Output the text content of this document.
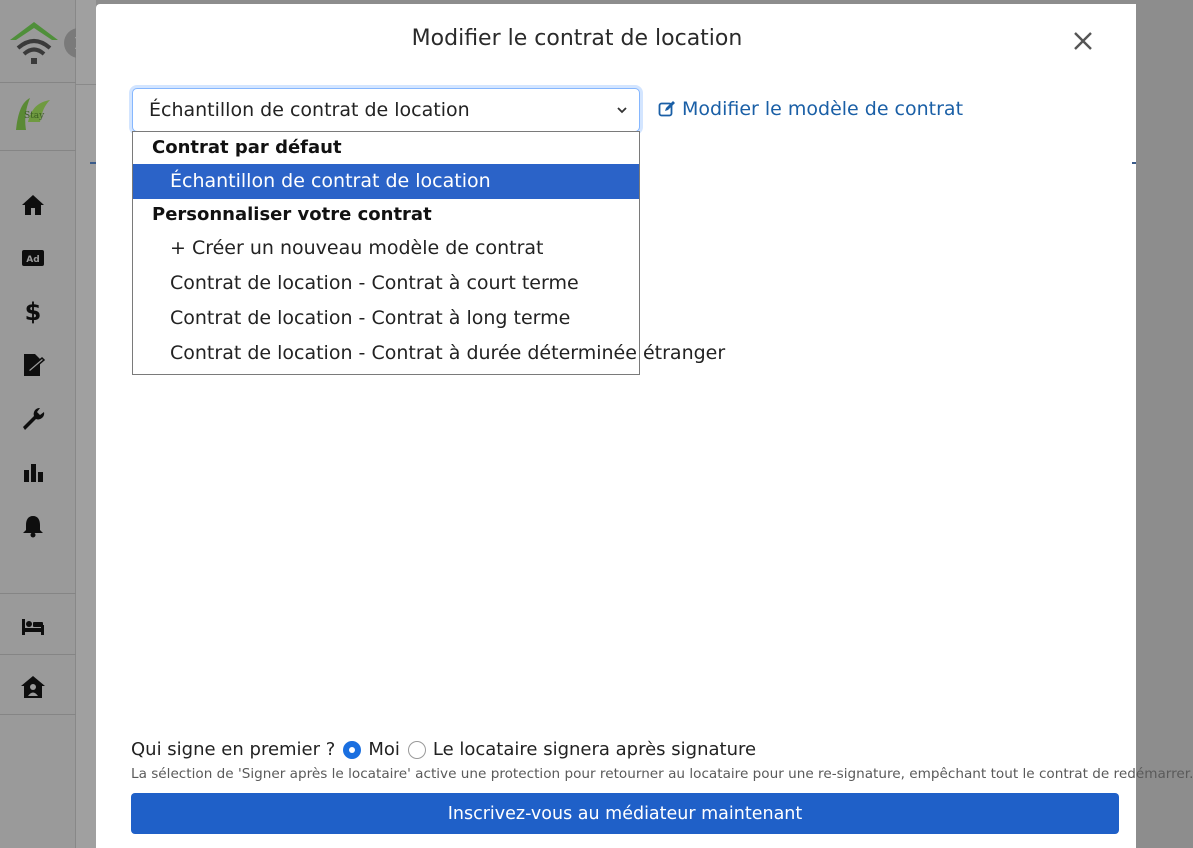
Stay
Ad
$
Modifier le contrat de location
Échantillon de contrat de location	Modifier le modèle de contrat
Contrat par défaut
Échantillon de contrat de location
Personnaliser votre contrat
+ Créer un nouveau modèle de contrat
Contrat de location - Contrat à court terme
Contrat de location - Contrat à long terme
Contrat de location - Contrat à durée déterminée étranger
Qui signe en premier ? Moi Le locataire signera après signature
La sélection de 'Signer après le locataire' active une protection pour retourner au locataire pour une re-signature, empêchant tout le contrat de redémarrer.
Inscrivez-vous au médiateur maintenant
